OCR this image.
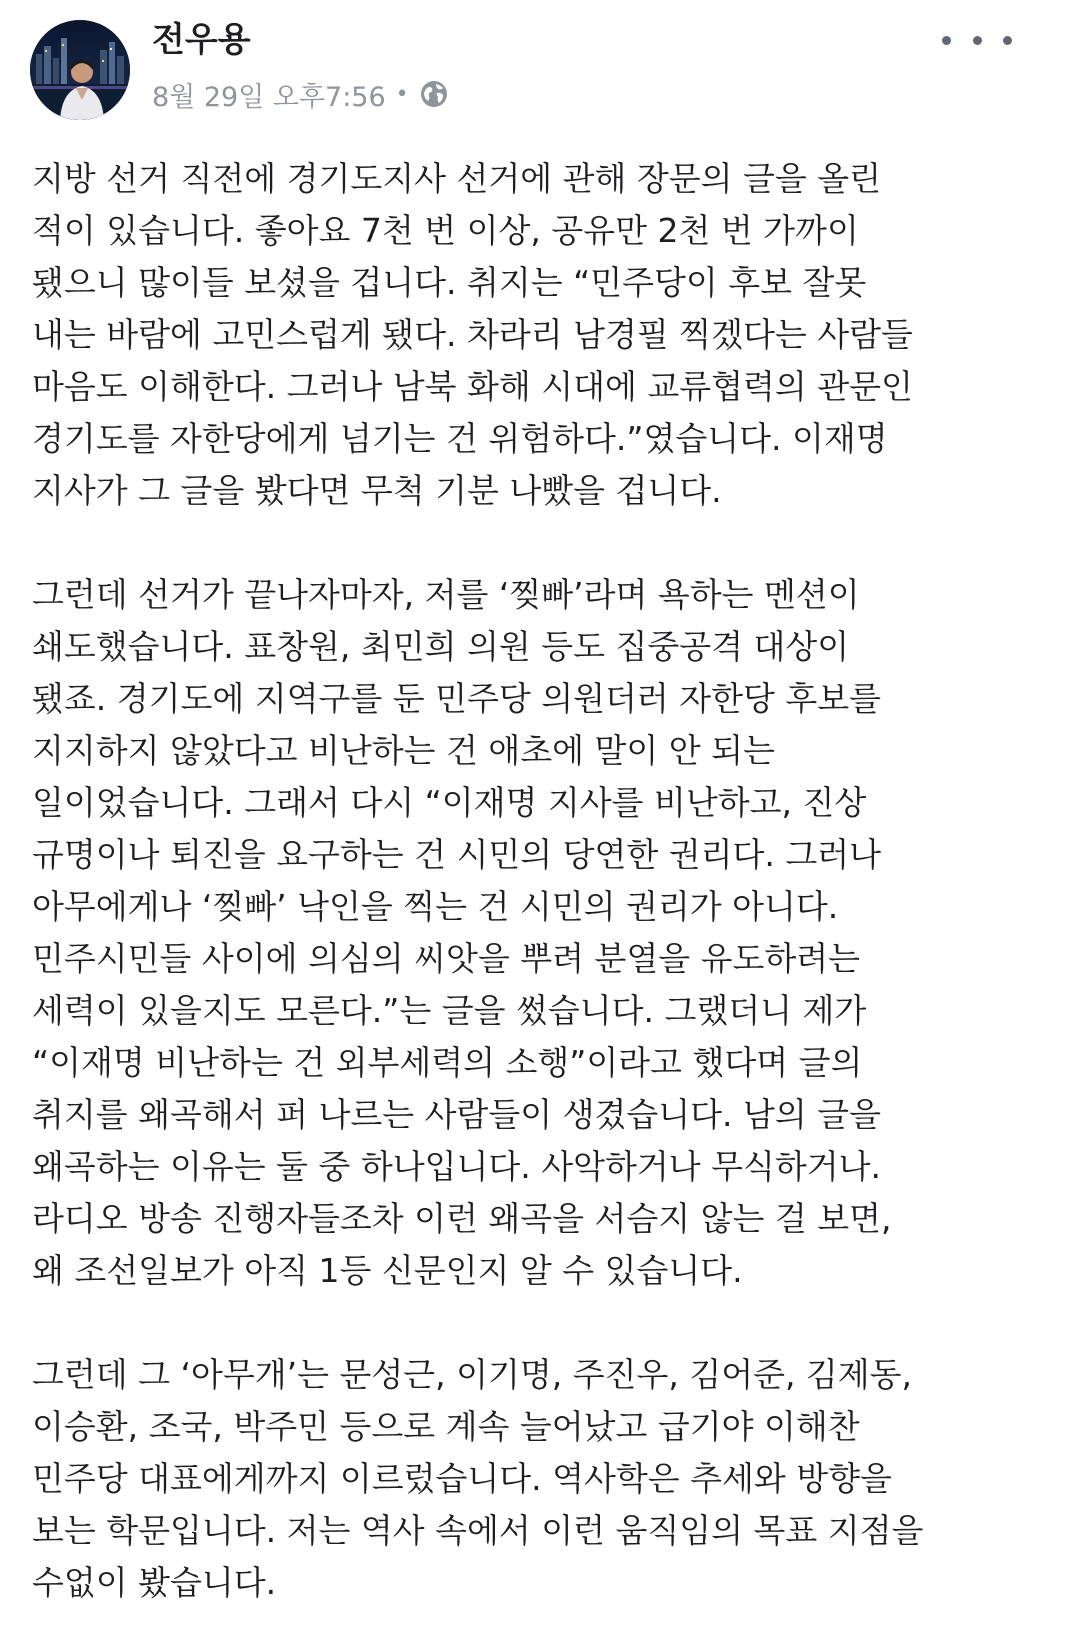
전우용
8월 29일 오후7:56 •
지방 선거 직전에 경기도지사 선거에 관해 장문의 글을 올린
적이 있습니다. 좋아요 7천 번 이상, 공유만 2천 번 가까이
됐으니 많이들 보셨을 겁니다. 취지는 “민주당이 후보 잘못
내는 바람에 고민스럽게 됐다. 차라리 남경필 찍겠다는 사람들
마음도 이해한다. 그러나 남북 화해 시대에 교류협력의 관문인
경기도를 자한당에게 넘기는 건 위험하다.”였습니다. 이재명
지사가 그 글을 봤다면 무척 기분 나빴을 겁니다.
그런데 선거가 끝나자마자, 저를 ‘찢빠’라며 욕하는 멘션이
쇄도했습니다. 표창원, 최민희 의원 등도 집중공격 대상이
됐죠. 경기도에 지역구를 둔 민주당 의원더러 자한당 후보를
지지하지 않았다고 비난하는 건 애초에 말이 안 되는
일이었습니다. 그래서 다시 “이재명 지사를 비난하고, 진상
규명이나 퇴진을 요구하는 건 시민의 당연한 권리다. 그러나
아무에게나 ‘찢빠’ 낙인을 찍는 건 시민의 권리가 아니다.
민주시민들 사이에 의심의 씨앗을 뿌려 분열을 유도하려는
세력이 있을지도 모른다.”는 글을 썼습니다. 그랬더니 제가
“이재명 비난하는 건 외부세력의 소행”이라고 했다며 글의
취지를 왜곡해서 퍼 나르는 사람들이 생겼습니다. 남의 글을
왜곡하는 이유는 둘 중 하나입니다. 사악하거나 무식하거나.
라디오 방송 진행자들조차 이런 왜곡을 서슴지 않는 걸 보면,
왜 조선일보가 아직 1등 신문인지 알 수 있습니다.
그런데 그 ‘아무개’는 문성근, 이기명, 주진우, 김어준, 김제동,
이승환, 조국, 박주민 등으로 계속 늘어났고 급기야 이해찬
민주당 대표에게까지 이르렀습니다. 역사학은 추세와 방향을
보는 학문입니다. 저는 역사 속에서 이런 움직임의 목표 지점을
수없이 봤습니다.
